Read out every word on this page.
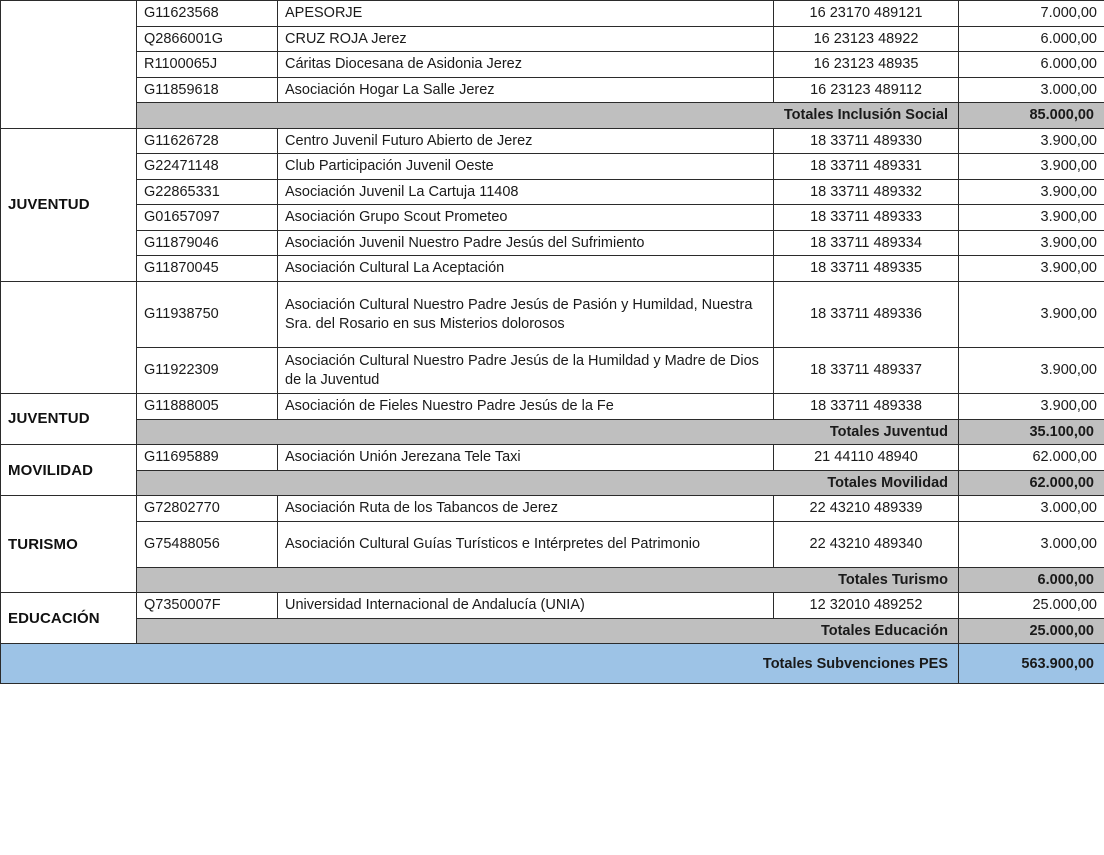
	G11623568	APESORJE	16 23170 489121	7.000,00
	Q2866001G	CRUZ ROJA Jerez	16 23123 48922	6.000,00
	R1100065J	Cáritas Diocesana de Asidonia Jerez	16 23123 48935	6.000,00
	G11859618	Asociación Hogar La Salle Jerez	16 23123 489112	3.000,00
	Totales Inclusión Social			85.000,00
JUVENTUD	G11626728	Centro Juvenil Futuro Abierto de Jerez	18 33711 489330	3.900,00
	G22471148	Club Participación Juvenil Oeste	18 33711 489331	3.900,00
	G22865331	Asociación Juvenil La Cartuja 11408	18 33711 489332	3.900,00
	G01657097	Asociación Grupo Scout Prometeo	18 33711 489333	3.900,00
	G11879046	Asociación Juvenil Nuestro Padre Jesús del Sufrimiento	18 33711 489334	3.900,00
	G11870045	Asociación Cultural La Aceptación	18 33711 489335	3.900,00
	G11938750	Asociación Cultural Nuestro Padre Jesús de Pasión y Humildad, Nuestra Sra. del Rosario en sus Misterios dolorosos	18 33711 489336	3.900,00
	G11922309	Asociación Cultural Nuestro Padre Jesús de la Humildad y Madre de Dios de la Juventud	18 33711 489337	3.900,00
JUVENTUD	G11888005	Asociación de Fieles Nuestro Padre Jesús de la Fe	18 33711 489338	3.900,00
	Totales Juventud			35.100,00
MOVILIDAD	G11695889	Asociación Unión Jerezana Tele Taxi	21 44110 48940	62.000,00
	Totales Movilidad			62.000,00
TURISMO	G72802770	Asociación Ruta de los Tabancos de Jerez	22 43210 489339	3.000,00
	G75488056	Asociación Cultural Guías Turísticos e Intérpretes del Patrimonio	22 43210 489340	3.000,00
	Totales Turismo			6.000,00
EDUCACIÓN	Q7350007F	Universidad Internacional de Andalucía (UNIA)	12 32010 489252	25.000,00
	Totales Educación			25.000,00
Totales Subvenciones PES				563.900,00
